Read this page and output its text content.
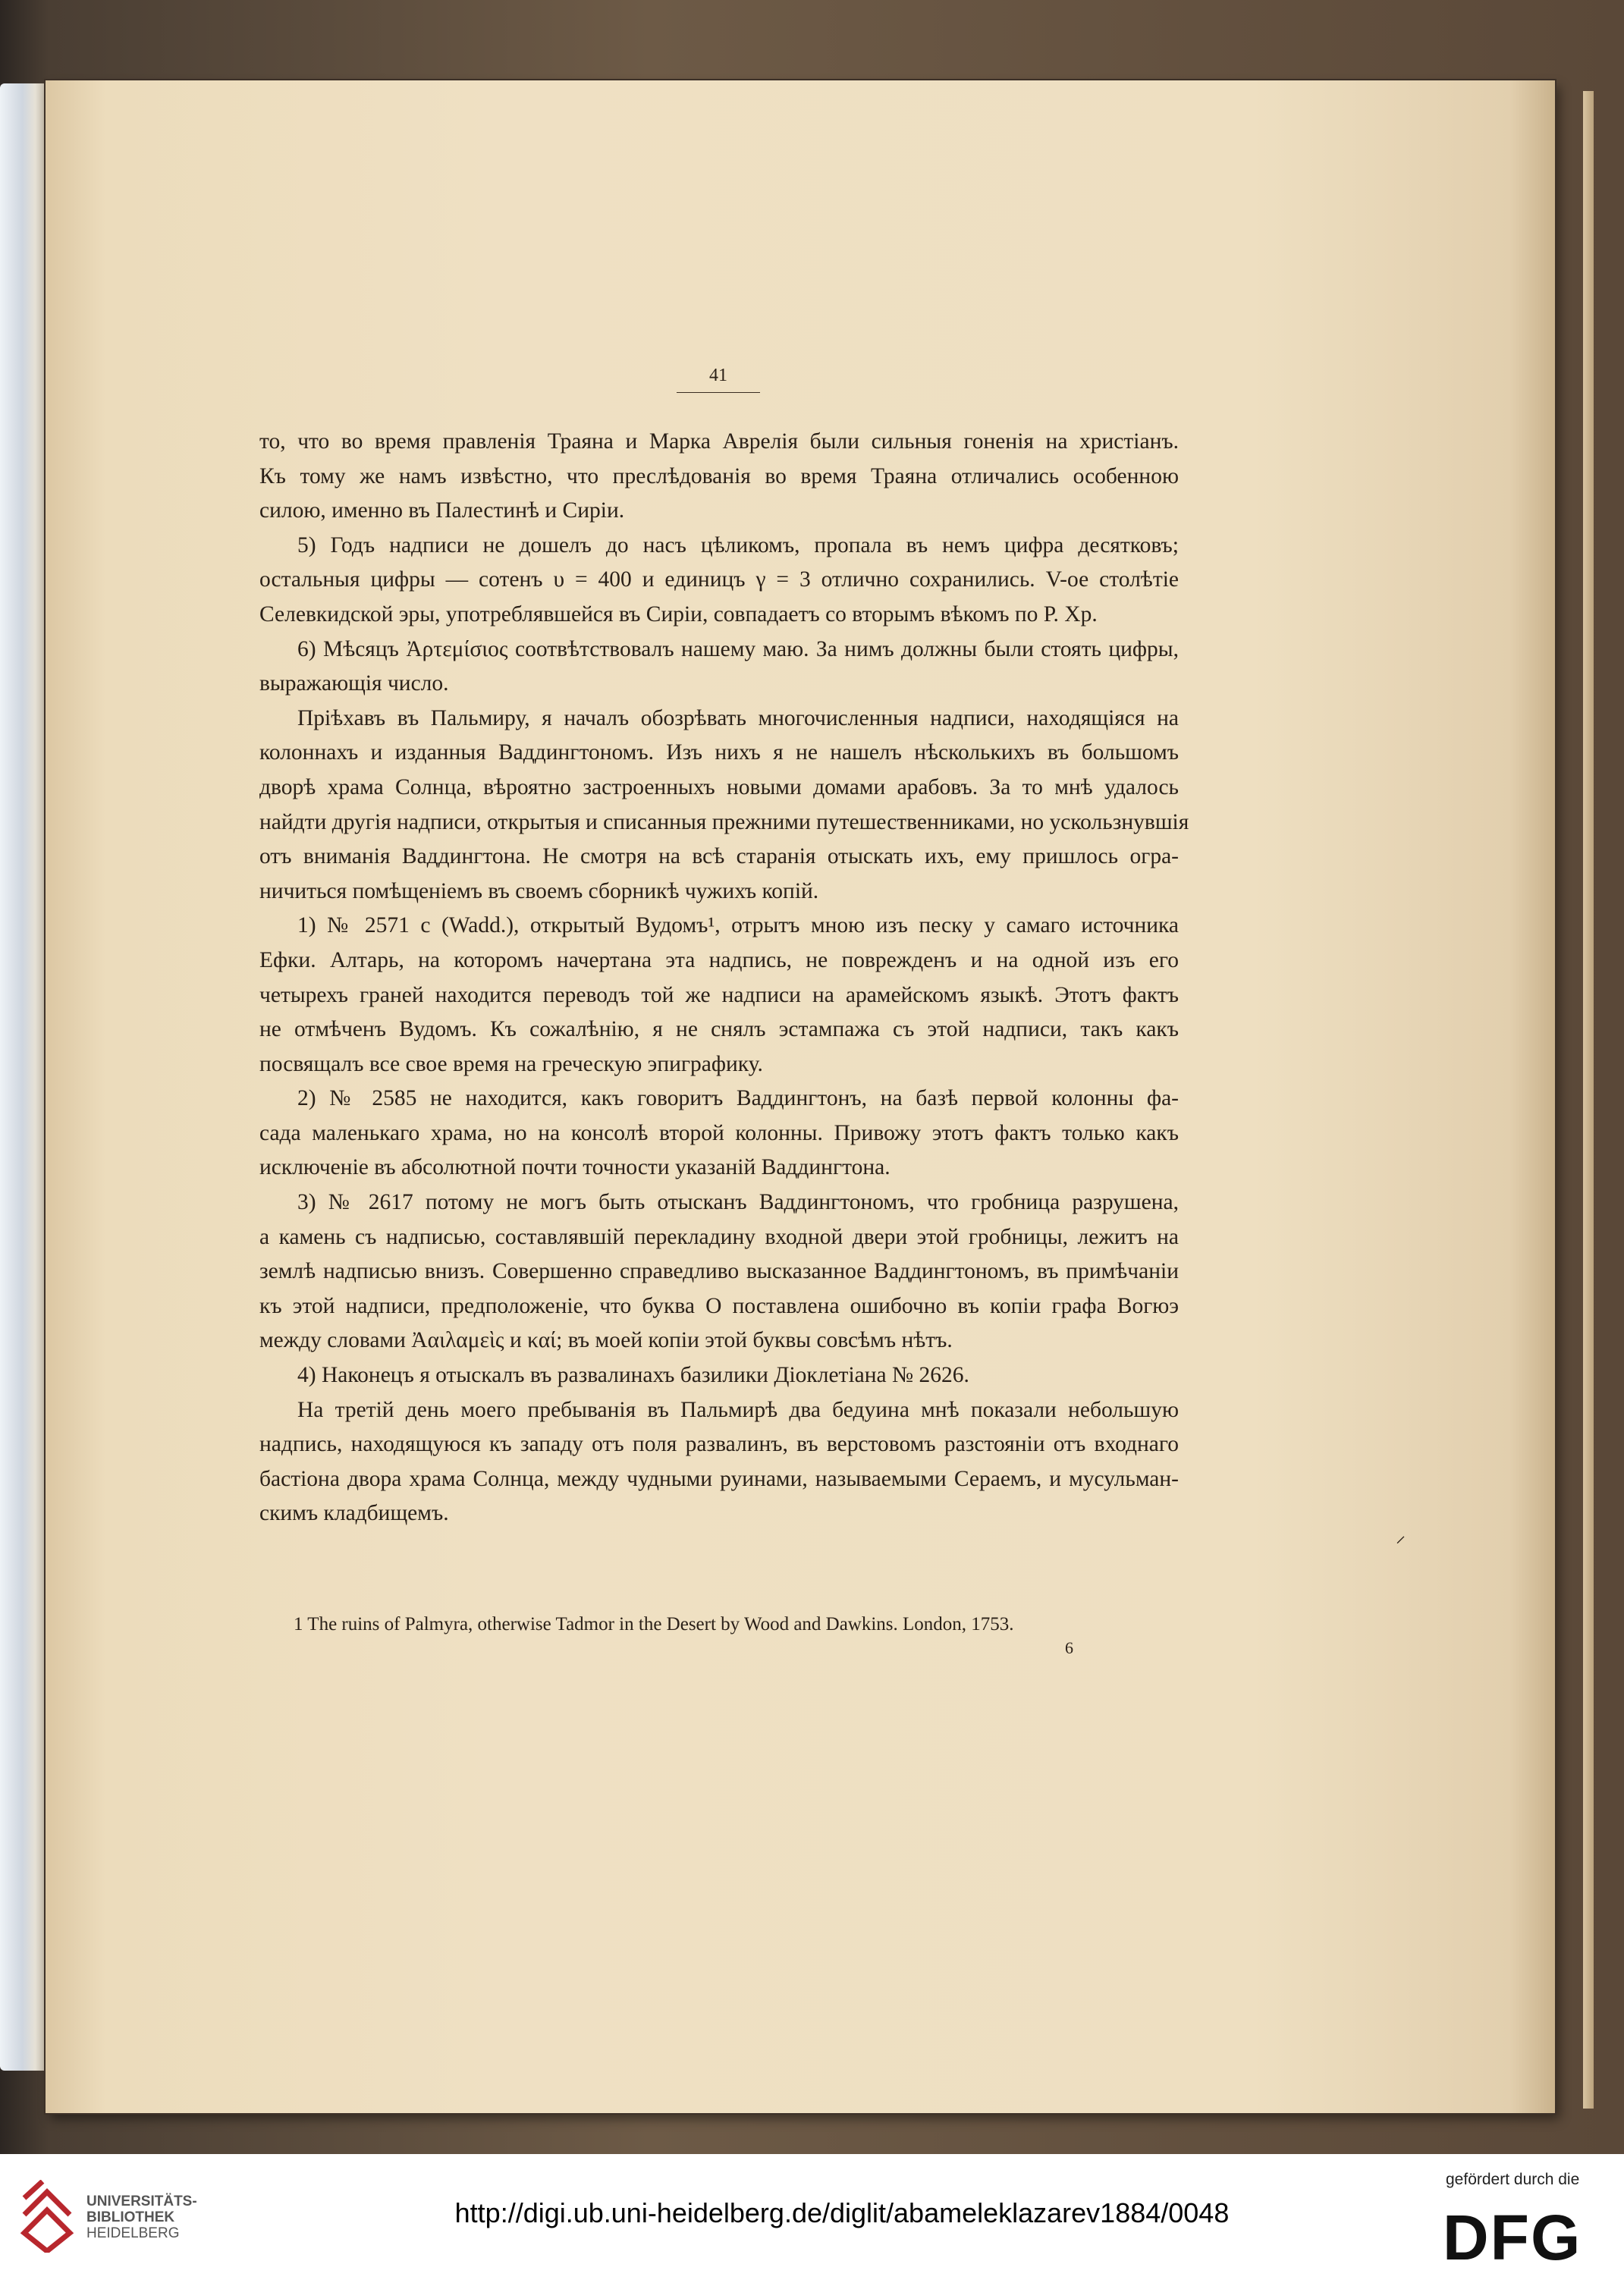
41
то, что во время правленія Траяна и Марка Аврелія были сильныя гоненія на христіанъ.
Къ тому же намъ извѣстно, что преслѣдованія во время Траяна отличались особенною
силою, именно въ Палестинѣ и Сиріи.
5) Годъ надписи не дошелъ до насъ цѣликомъ, пропала въ немъ цифра десятковъ;
остальныя цифры — сотенъ υ = 400 и единицъ γ = 3 отлично сохранились. V-ое столѣтіе
Селевкидской эры, употреблявшейся въ Сиріи, совпадаетъ со вторымъ вѣкомъ по Р. Хр.
6) Мѣсяцъ Ἀρτεμίσιος соотвѣтствовалъ нашему маю. За нимъ должны были стоять цифры,
выражающія число.
Пріѣхавъ въ Пальмиру, я началъ обозрѣвать многочисленныя надписи, находящіяся на
колоннахъ и изданныя Ваддингтономъ. Изъ нихъ я не нашелъ нѣсколькихъ въ большомъ
дворѣ храма Солнца, вѣроятно застроенныхъ новыми домами арабовъ. За то мнѣ удалось
найдти другія надписи, открытыя и списанныя прежними путешественниками, но ускользнувшія
отъ вниманія Ваддингтона. Не смотря на всѣ старанія отыскать ихъ, ему пришлось огра-
ничиться помѣщеніемъ въ своемъ сборникѣ чужихъ копій.
1) № 2571 c (Wadd.), открытый Вудомъ¹, отрытъ мною изъ песку у самаго источника
Ефки. Алтарь, на которомъ начертана эта надпись, не поврежденъ и на одной изъ его
четырехъ граней находится переводъ той же надписи на арамейскомъ языкѣ. Этотъ фактъ
не отмѣченъ Вудомъ. Къ сожалѣнію, я не снялъ эстампажа съ этой надписи, такъ какъ
посвящалъ все свое время на греческую эпиграфику.
2) № 2585 не находится, какъ говоритъ Ваддингтонъ, на базѣ первой колонны фа-
сада маленькаго храма, но на консолѣ второй колонны. Привожу этотъ фактъ только какъ
исключеніе въ абсолютной почти точности указаній Ваддингтона.
3) № 2617 потому не могъ быть отысканъ Ваддингтономъ, что гробница разрушена,
а камень съ надписью, составлявшій перекладину входной двери этой гробницы, лежитъ на
землѣ надписью внизъ. Совершенно справедливо высказанное Ваддингтономъ, въ примѣчаніи
къ этой надписи, предположеніе, что буква О поставлена ошибочно въ копіи графа Вогюэ
между словами Ἀαιλαμεὶς и καί; въ моей копіи этой буквы совсѣмъ нѣтъ.
4) Наконецъ я отыскалъ въ развалинахъ базилики Діоклетіана № 2626.
На третій день моего пребыванія въ Пальмирѣ два бедуина мнѣ показали небольшую
надпись, находящуюся къ западу отъ поля развалинъ, въ верстовомъ разстояніи отъ входнаго
бастіона двора храма Солнца, между чудными руинами, называемыми Сераемъ, и мусульман-
скимъ кладбищемъ.
1 The ruins of Palmyra, otherwise Tadmor in the Desert by Wood and Dawkins. London, 1753.
6
⸝
UNIVERSITÄTS-
BIBLIOTHEK
HEIDELBERG
http://digi.ub.uni-heidelberg.de/diglit/abameleklazarev1884/0048
gefördert durch die
DFG
